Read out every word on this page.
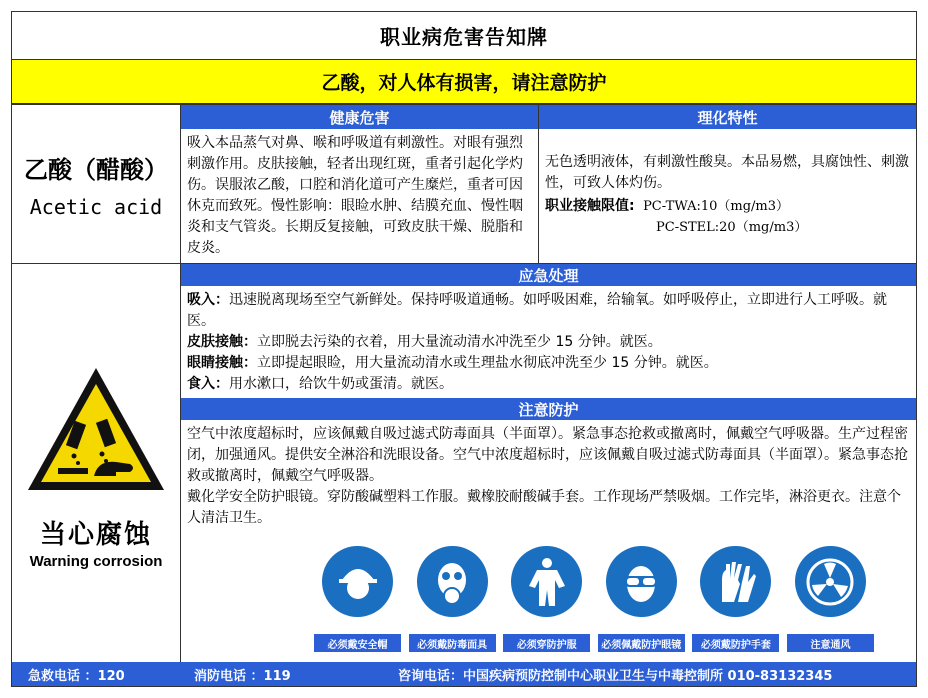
职业病危害告知牌
乙酸，对人体有损害，请注意防护
乙酸（醋酸）
Acetic acid
健康危害	理化特性
吸入本品蒸气对鼻、喉和呼吸道有刺激性。对眼有强烈刺激作用。皮肤接触，轻者出现红斑，重者引起化学灼伤。误服浓乙酸，口腔和消化道可产生糜烂，重者可因休克而致死。慢性影响：眼睑水肿、结膜充血、慢性咽炎和支气管炎。长期反复接触，可致皮肤干燥、脱脂和皮炎。
无色透明液体，有刺激性酸臭。本品易燃，具腐蚀性、刺激性，可致人体灼伤。
职业接触限值: PC-TWA:10（mg/m3）
PC-STEL:20（mg/m3）
应急处理
吸入：迅速脱离现场至空气新鲜处。保持呼吸道通畅。如呼吸困难，给输氧。如呼吸停止，立即进行人工呼吸。就医。
皮肤接触：立即脱去污染的衣着，用大量流动清水冲洗至少 15 分钟。就医。
眼睛接触：立即提起眼睑，用大量流动清水或生理盐水彻底冲洗至少 15 分钟。就医。
食入：用水漱口，给饮牛奶或蛋清。就医。
注意防护
空气中浓度超标时，应该佩戴自吸过滤式防毒面具（半面罩）。紧急事态抢救或撤离时，佩戴空气呼吸器。生产过程密闭，加强通风。提供安全淋浴和洗眼设备。空气中浓度超标时，应该佩戴自吸过滤式防毒面具（半面罩）。紧急事态抢救或撤离时，佩戴空气呼吸器。
戴化学安全防护眼镜。穿防酸碱塑料工作服。戴橡胶耐酸碱手套。工作现场严禁吸烟。工作完毕，淋浴更衣。注意个人清洁卫生。
当心腐蚀
Warning corrosion
必须戴安全帽	必须戴防毒面具	必须穿防护服	必须佩戴防护眼镜	必须戴防护手套	注意通风
急救电话 ：120	消防电话 ：119	咨询电话：中国疾病预防控制中心职业卫生与中毒控制所 010-83132345
